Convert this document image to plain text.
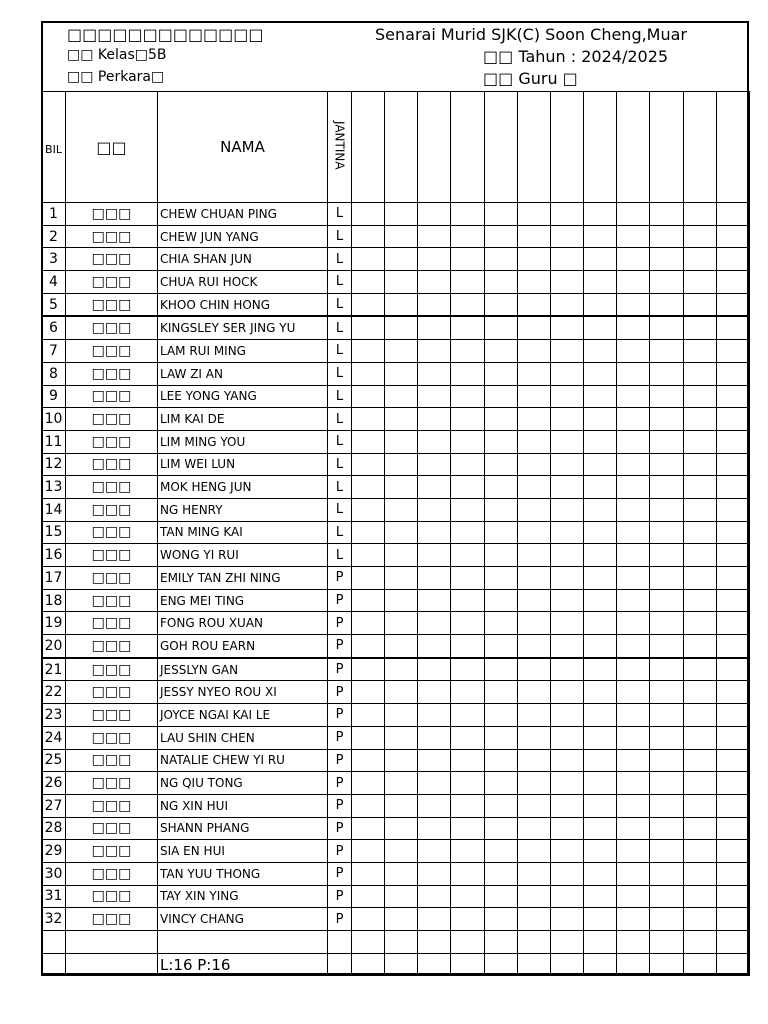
□□□□□□□□□□□□□
□□ Kelas□5B
□□ Perkara□
Senarai Murid SJK(C) Soon Cheng,Muar
□□ Tahun : 2024/2025
□□ Guru □
BIL	□□	NAMA	JANTINA												
1	□□□	CHEW CHUAN PING	L												
2	□□□	CHEW JUN YANG	L												
3	□□□	CHIA SHAN JUN	L												
4	□□□	CHUA RUI HOCK	L												
5	□□□	KHOO CHIN HONG	L												
6	□□□	KINGSLEY SER JING YU	L												
7	□□□	LAM RUI MING	L												
8	□□□	LAW ZI AN	L												
9	□□□	LEE YONG YANG	L												
10	□□□	LIM KAI DE	L												
11	□□□	LIM MING YOU	L												
12	□□□	LIM WEI LUN	L												
13	□□□	MOK HENG JUN	L												
14	□□□	NG HENRY	L												
15	□□□	TAN MING KAI	L												
16	□□□	WONG YI RUI	L												
17	□□□	EMILY TAN ZHI NING	P												
18	□□□	ENG MEI TING	P												
19	□□□	FONG ROU XUAN	P												
20	□□□	GOH ROU EARN	P												
21	□□□	JESSLYN GAN	P												
22	□□□	JESSY NYEO ROU XI	P												
23	□□□	JOYCE NGAI KAI LE	P												
24	□□□	LAU SHIN CHEN	P												
25	□□□	NATALIE CHEW YI RU	P												
26	□□□	NG QIU TONG	P												
27	□□□	NG XIN HUI	P												
28	□□□	SHANN PHANG	P												
29	□□□	SIA EN HUI	P												
30	□□□	TAN YUU THONG	P												
31	□□□	TAY XIN YING	P												
32	□□□	VINCY CHANG	P												

		L:16 P:16													
